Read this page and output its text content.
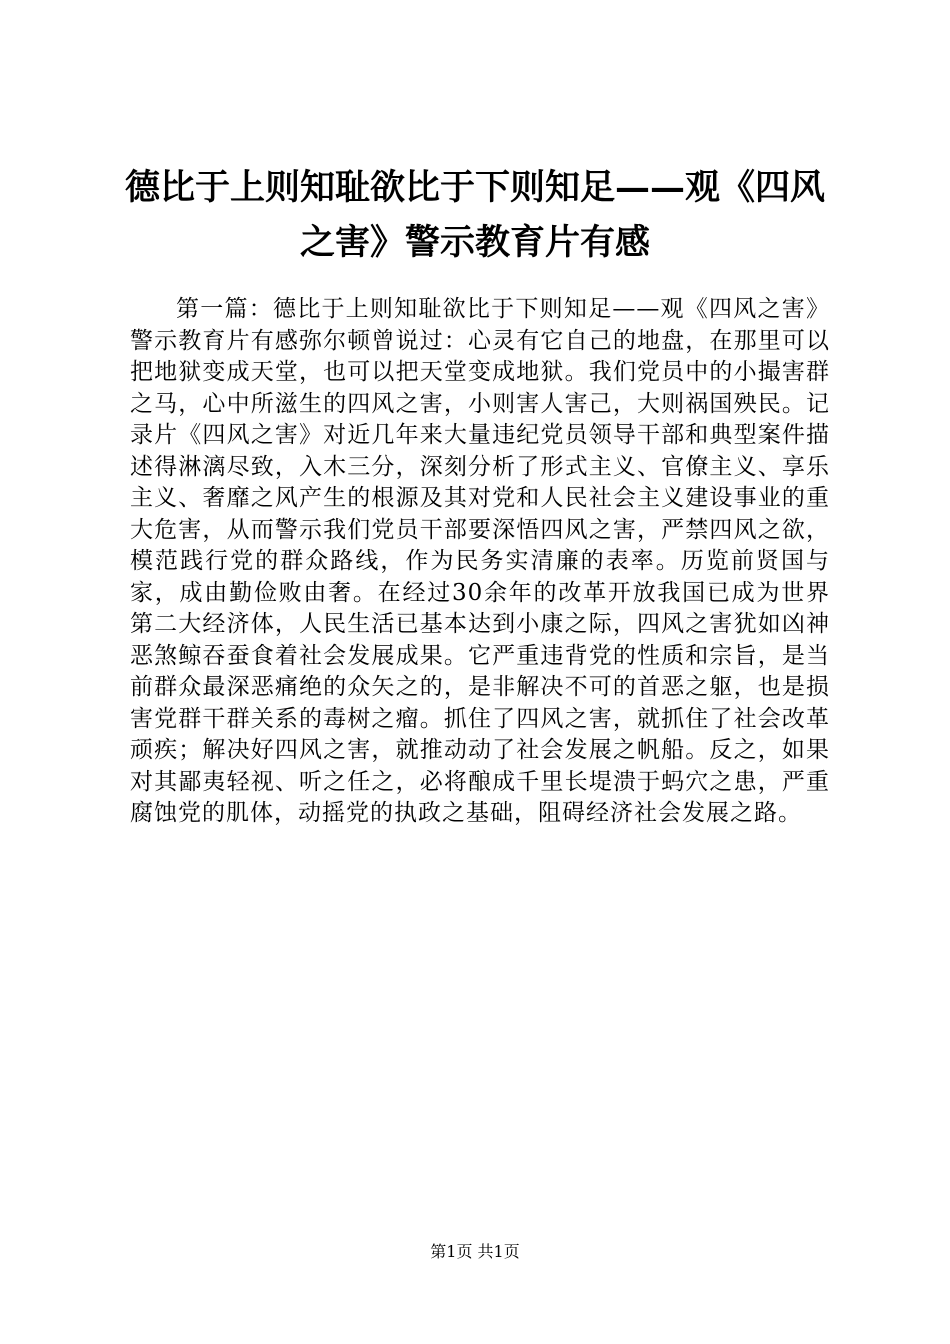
德比于上则知耻欲比于下则知足——观《四风之害》警示教育片有感

第一篇：德比于上则知耻欲比于下则知足——观《四风之害》警示教育片有感弥尔顿曾说过：心灵有它自己的地盘，在那里可以把地狱变成天堂，也可以把天堂变成地狱。我们党员中的小撮害群之马，心中所滋生的四风之害，小则害人害己，大则祸国殃民。记录片《四风之害》对近几年来大量违纪党员领导干部和典型案件描述得淋漓尽致，入木三分，深刻分析了形式主义、官僚主义、享乐主义、奢靡之风产生的根源及其对党和人民社会主义建设事业的重大危害，从而警示我们党员干部要深悟四风之害，严禁四风之欲，模范践行党的群众路线，作为民务实清廉的表率。历览前贤国与家，成由勤俭败由奢。在经过30余年的改革开放我国已成为世界第二大经济体，人民生活已基本达到小康之际，四风之害犹如凶神恶煞鲸吞蚕食着社会发展成果。它严重违背党的性质和宗旨，是当前群众最深恶痛绝的众矢之的，是非解决不可的首恶之躯，也是损害党群干群关系的毒树之瘤。抓住了四风之害，就抓住了社会改革顽疾；解决好四风之害，就推动动了社会发展之帆船。反之，如果对其鄙夷轻视、听之任之，必将酿成千里长堤溃于蚂穴之患，严重腐蚀党的肌体，动摇党的执政之基础，阻碍经济社会发展之路。

第1页 共1页
